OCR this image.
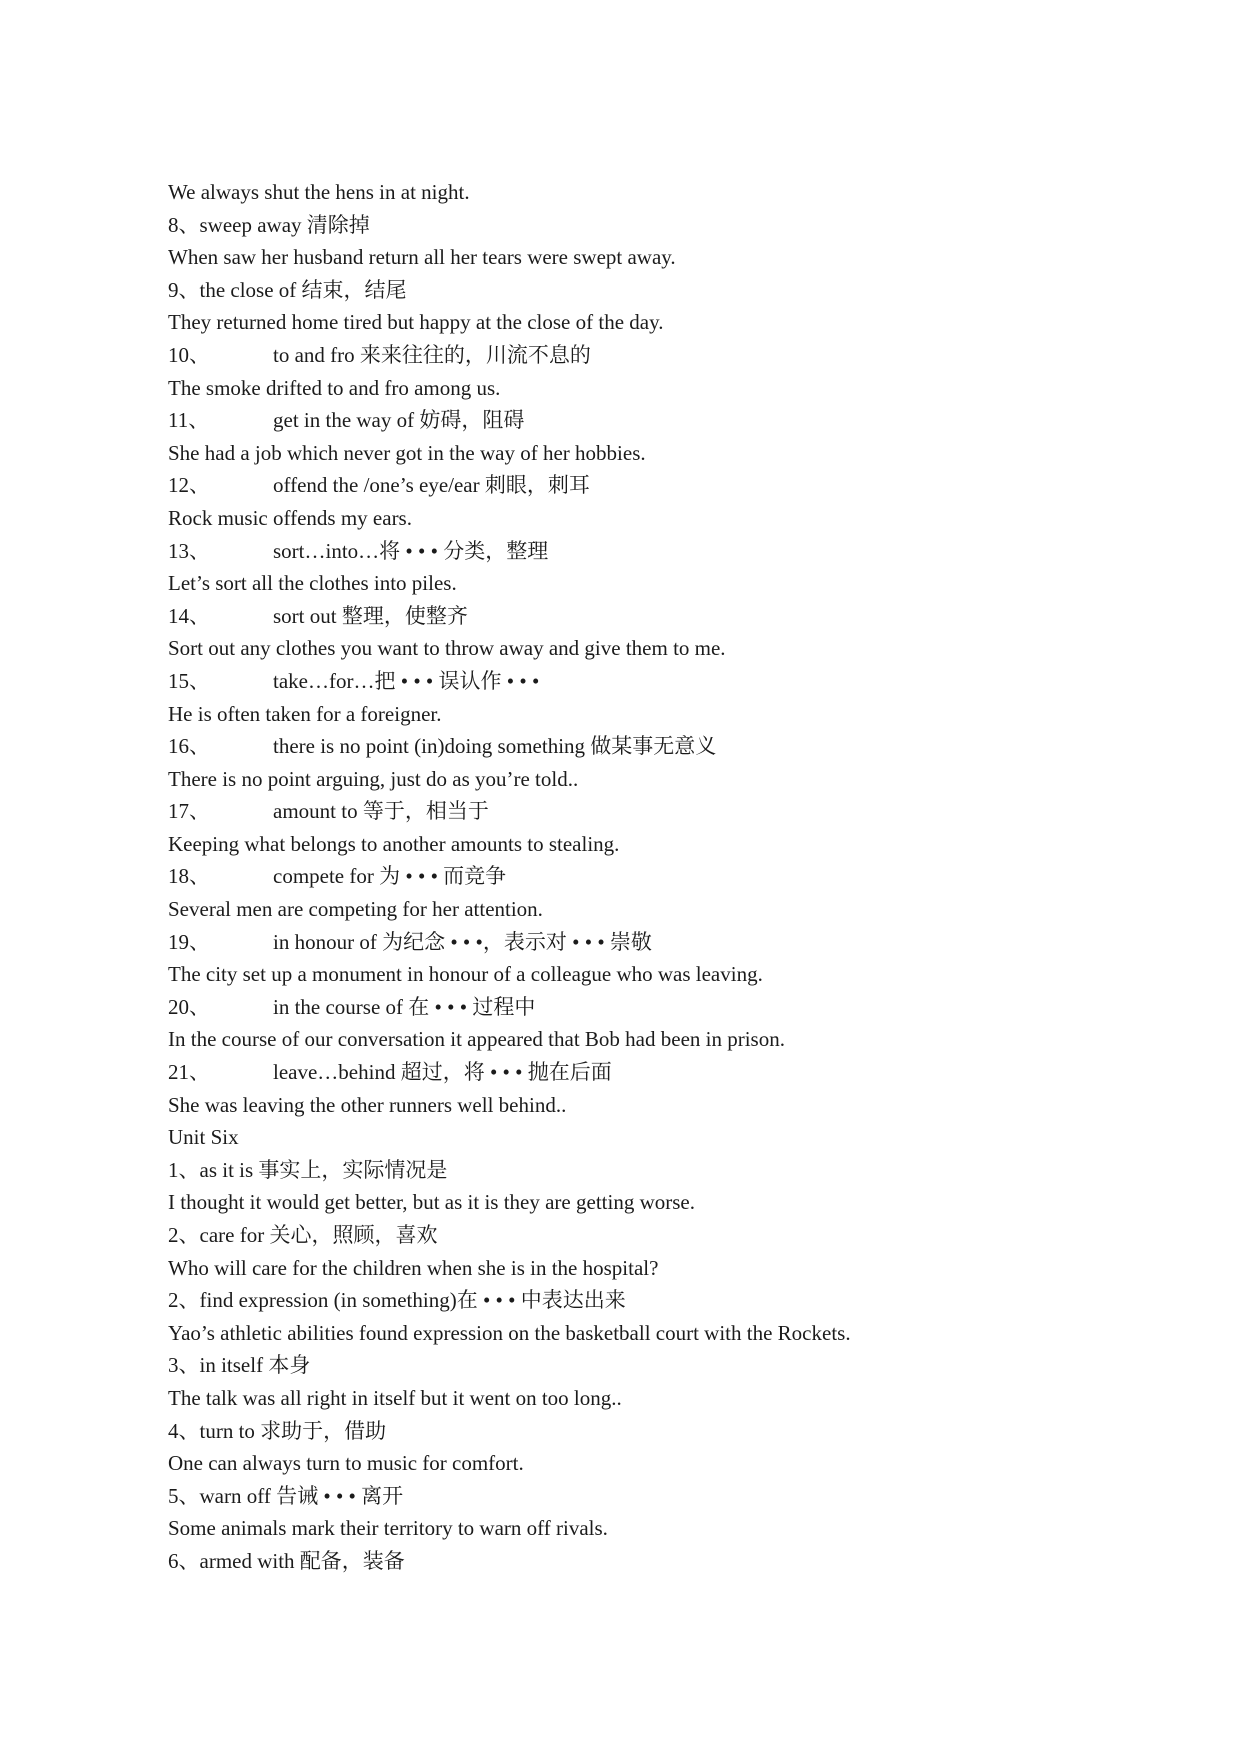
We always shut the hens in at night.
8、sweep away 清除掉
When saw her husband return all her tears were swept away.
9、the close of 结束，结尾
They returned home tired but happy at the close of the day.
10、	to and fro 来来往往的，川流不息的
The smoke drifted to and fro among us.
11、	get in the way of 妨碍，阻碍
She had a job which never got in the way of her hobbies.
12、	offend the /one’s eye/ear 刺眼，刺耳
Rock music offends my ears.
13、	sort…into…将 • • • 分类，整理
Let’s sort all the clothes into piles.
14、	sort out 整理，使整齐
Sort out any clothes you want to throw away and give them to me.
15、	take…for…把 • • • 误认作 • • •
He is often taken for a foreigner.
16、	there is no point (in)doing something 做某事无意义
There is no point arguing, just do as you’re told..
17、	amount to 等于，相当于
Keeping what belongs to another amounts to stealing.
18、	compete for 为 • • • 而竞争
Several men are competing for her attention.
19、	in honour of 为纪念 • • •，表示对 • • • 崇敬
The city set up a monument in honour of a colleague who was leaving.
20、	in the course of 在 • • • 过程中
In the course of our conversation it appeared that Bob had been in prison.
21、	leave…behind 超过，将 • • • 抛在后面
She was leaving the other runners well behind..
Unit Six
1、as it is 事实上，实际情况是
I thought it would get better, but as it is they are getting worse.
2、care for 关心，照顾，喜欢
Who will care for the children when she is in the hospital?
2、find expression (in something)在 • • • 中表达出来
Yao’s athletic abilities found expression on the basketball court with the Rockets.
3、in itself 本身
The talk was all right in itself but it went on too long..
4、turn to 求助于，借助
One can always turn to music for comfort.
5、warn off 告诫 • • • 离开
Some animals mark their territory to warn off rivals.
6、armed with 配备，装备
